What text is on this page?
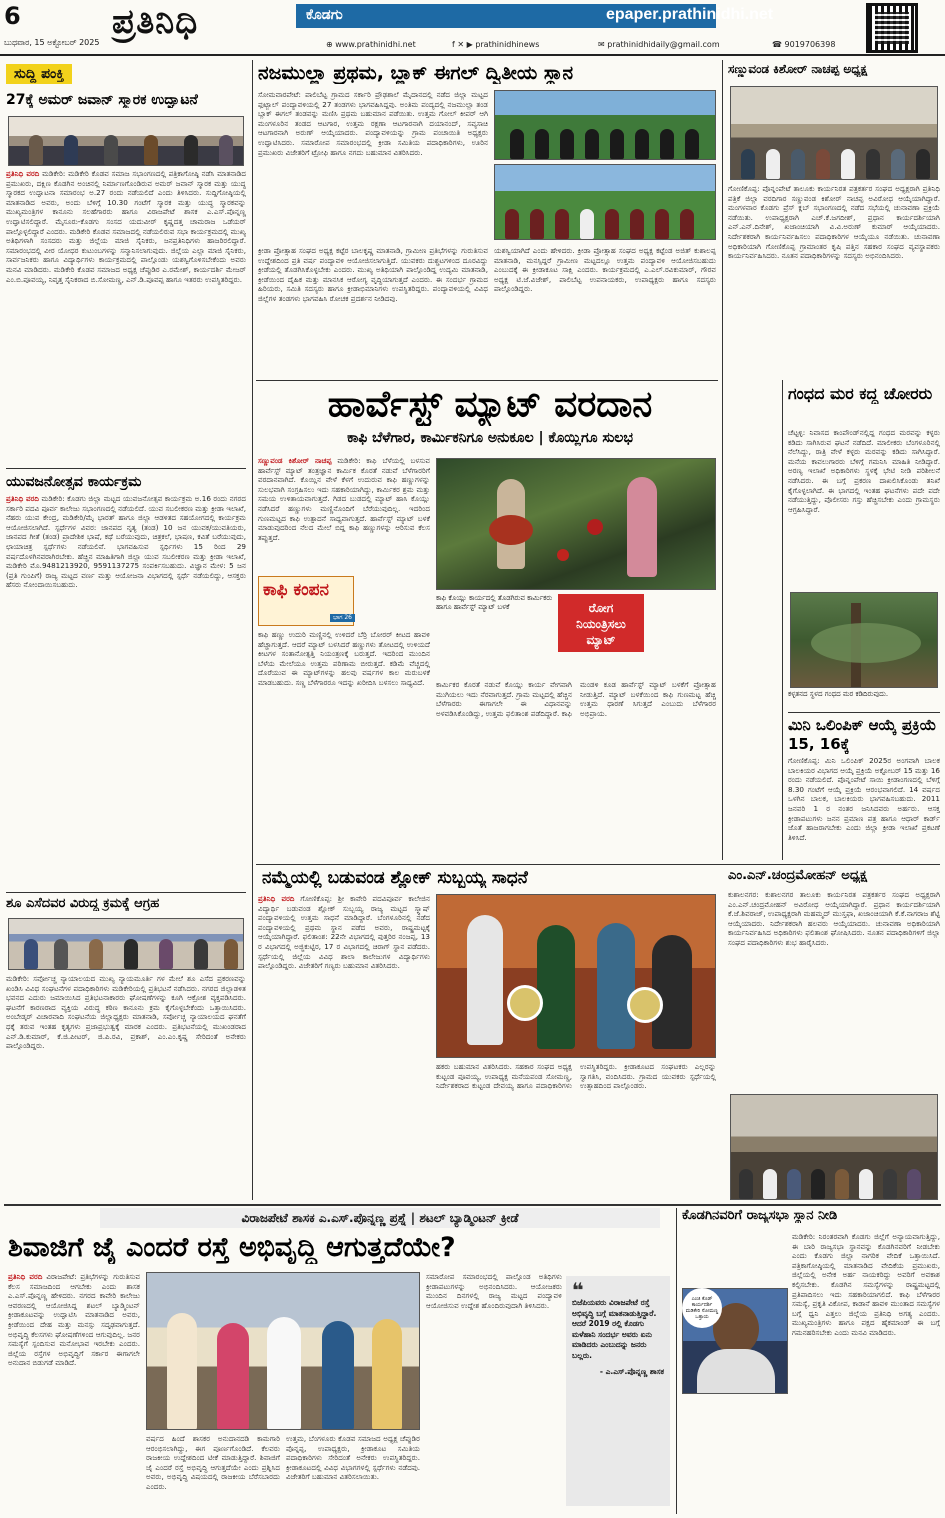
6
ಬುಧವಾರ, 15 ಅಕ್ಟೋಬರ್ 2025
ಪ್ರತಿನಿಧಿ	ಕೊಡಗು	epaper.prathinidhi.net
⊕ www.prathinidhi.net	f ✕ ▶ prathinidhinews	✉ prathinidhidaily@gmail.com	☎ 9019706398
ಸುದ್ದಿ ಪಂಕ್ತಿ
27ಕ್ಕೆ ಅಮರ್ ಜವಾನ್ ಸ್ಮಾರಕ ಉದ್ಘಾಟನೆ
ಪ್ರತಿನಿಧಿ ವರದಿ ಮಡಿಕೇರಿ: ಮಡಿಕೇರಿ ಕೊಡವ ಸಮಾಜ ಸಭಾಂಗಣದಲ್ಲಿ ಪತ್ರಿಕಾಗೋಷ್ಠಿ ನಡೆಸಿ ಮಾತನಾಡಿದ ಪ್ರಮುಖರು, ದಕ್ಷಿಣ ಕೊಡಗಿನ ಅಂಚಿನಲ್ಲಿ ನಿರ್ಮಾಣಗೊಂಡಿರುವ ಅಮರ್ ಜವಾನ್ ಸ್ಮಾರಕ ಮತ್ತು ಯುದ್ಧ ಸ್ಮಾರಕದ ಉದ್ಘಾಟನಾ ಸಮಾರಂಭ ಅ.27 ರಂದು ನಡೆಯಲಿದೆ ಎಂದು ತಿಳಿಸಿದರು. ಸುದ್ದಿಗೋಷ್ಠಿಯಲ್ಲಿ ಮಾತನಾಡಿದ ಅವರು, ಅಂದು ಬೆಳಿಗ್ಗೆ 10.30 ಗಂಟೆಗೆ ಸ್ಮಾರಕ ಮತ್ತು ಯುದ್ಧ ಸ್ಮಾರಕವನ್ನು ಮುಖ್ಯಮಂತ್ರಿಗಳ ಕಾನೂನು ಸಲಹೆಗಾರರು ಹಾಗೂ ವಿರಾಜಪೇಟೆ ಶಾಸಕ ಎ.ಎಸ್.ಪೊನ್ನಣ್ಣ ಉದ್ಘಾಟಿಸಲಿದ್ದಾರೆ. ಮೈಸೂರು-ಕೊಡಗು ಸಂಸದ ಯದುವೀರ್ ಕೃಷ್ಣದತ್ತ ಚಾಮರಾಜ ಒಡೆಯರ್ ಪಾಲ್ಗೊಳ್ಳಲಿದ್ದಾರೆ ಎಂದರು. ಮಡಿಕೇರಿ ಕೊಡವ ಸಮಾಜದಲ್ಲಿ ನಡೆಯಲಿರುವ ಸಭಾ ಕಾರ್ಯಕ್ರಮದಲ್ಲಿ ಮುಖ್ಯ ಅತಿಥಿಗಳಾಗಿ ಸಂಸದರು ಮತ್ತು ಜಿಲ್ಲೆಯ ಮಾಜಿ ಸೈನಿಕರು, ಜನಪ್ರತಿನಿಧಿಗಳು ಹಾಜರಿರಲಿದ್ದಾರೆ. ಸಮಾರಂಭದಲ್ಲಿ ವೀರ ಯೋಧರ ಕುಟುಂಬಗಳನ್ನು ಸನ್ಮಾನಿಸಲಾಗುವುದು. ಜಿಲ್ಲೆಯ ಎಲ್ಲಾ ಮಾಜಿ ಸೈನಿಕರು, ಸಾರ್ವಜನಿಕರು ಹಾಗೂ ವಿದ್ಯಾರ್ಥಿಗಳು ಕಾರ್ಯಕ್ರಮದಲ್ಲಿ ಪಾಲ್ಗೊಂಡು ಯಶಸ್ವಿಗೊಳಿಸಬೇಕೆಂದು ಅವರು ಮನವಿ ಮಾಡಿದರು. ಮಡಿಕೇರಿ ಕೊಡವ ಸಮಾಜದ ಅಧ್ಯಕ್ಷ ಚೆಪ್ಪುಡಿರ ಎ.ರಮೇಶ್, ಕಾರ್ಯದರ್ಶಿ ಮೇಜರ್ ಎಂ.ಬಿ.ಪೂವಯ್ಯ, ನಿವೃತ್ತ ಸೈನಿಕರಾದ ಬಿ.ಸೋಮಣ್ಣ, ಎನ್.ಡಿ.ಪೂವಪ್ಪ ಹಾಗೂ ಇತರರು ಉಪಸ್ಥಿತರಿದ್ದರು.
ಯುವಜನೋತ್ಸವ ಕಾರ್ಯಕ್ರಮ
ಪ್ರತಿನಿಧಿ ವರದಿ ಮಡಿಕೇರಿ: ಕೊಡಗು ಜಿಲ್ಲಾ ಮಟ್ಟದ ಯುವಜನೋತ್ಸವ ಕಾರ್ಯಕ್ರಮ ಅ.16 ರಂದು ನಗರದ ಸರ್ಕಾರಿ ಪದವಿ ಪೂರ್ವ ಕಾಲೇಜು ಸಭಾಂಗಣದಲ್ಲಿ ನಡೆಯಲಿದೆ. ಯುವ ಸಬಲೀಕರಣ ಮತ್ತು ಕ್ರೀಡಾ ಇಲಾಖೆ, ನೆಹರು ಯುವ ಕೇಂದ್ರ, ಮಡಿಕೇರಿ/ಮೈ ಭಾರತ್ ಹಾಗೂ ಜಿಲ್ಲಾ ಆಡಳಿತದ ಸಹಯೋಗದಲ್ಲಿ ಕಾರ್ಯಕ್ರಮ ಆಯೋಜಿಸಲಾಗಿದೆ. ಸ್ಪರ್ಧೆಗಳ ವಿವರ: ಜಾನಪದ ನೃತ್ಯ (ತಂಡ) 10 ಜನ ಯುವಕ/ಯುವತಿಯರು, ಜಾನಪದ ಗೀತೆ (ತಂಡ) ಪ್ರಾದೇಶಿಕ ಭಾಷೆ, ಕಥೆ ಬರೆಯುವುದು, ಚಿತ್ರಕಲೆ, ಭಾಷಣ, ಕವಿತೆ ಬರೆಯುವುದು, ಛಾಯಾಚಿತ್ರ ಸ್ಪರ್ಧೆಗಳು ನಡೆಯಲಿವೆ. ಭಾಗವಹಿಸುವ ಸ್ಪರ್ಧಿಗಳು 15 ರಿಂದ 29 ವರ್ಷದೊಳಗಿನವರಾಗಿರಬೇಕು. ಹೆಚ್ಚಿನ ಮಾಹಿತಿಗಾಗಿ ಜಿಲ್ಲಾ ಯುವ ಸಬಲೀಕರಣ ಮತ್ತು ಕ್ರೀಡಾ ಇಲಾಖೆ, ಮಡಿಕೇರಿ ಮೊ.9481213920, 9591137275 ಸಂಪರ್ಕಿಸಬಹುದು. ವಿಜ್ಞಾನ ಮೇಳ: 5 ಜನ (ಪ್ರತಿ ಗುಂಪಿಗೆ) ರಾಜ್ಯ ಮಟ್ಟದ ವರ್ಣ ಮತ್ತು ಆಯೋಜನಾ ವಿಭಾಗದಲ್ಲಿ ಸ್ಪರ್ಧೆ ನಡೆಯಲಿದ್ದು, ಆಸಕ್ತರು ಹೆಸರು ನೋಂದಾಯಿಸಬಹುದು.
ಶೂ ಎಸೆದವರ ವಿರುದ್ಧ ಕ್ರಮಕ್ಕೆ ಆಗ್ರಹ
ಮಡಿಕೇರಿ: ಸರ್ವೋಚ್ಚ ನ್ಯಾಯಾಲಯದ ಮುಖ್ಯ ನ್ಯಾಯಮೂರ್ತಿ ಗಳ ಮೇಲೆ ಶೂ ಎಸೆದ ಪ್ರಕರಣವನ್ನು ಖಂಡಿಸಿ ವಿವಿಧ ಸಂಘಟನೆಗಳ ಪದಾಧಿಕಾರಿಗಳು ಮಡಿಕೇರಿಯಲ್ಲಿ ಪ್ರತಿಭಟನೆ ನಡೆಸಿದರು. ನಗರದ ಜಿಲ್ಲಾಡಳಿತ ಭವನದ ಎದುರು ಜಮಾಯಿಸಿದ ಪ್ರತಿಭಟನಾಕಾರರು ಘೋಷಣೆಗಳನ್ನು ಕೂಗಿ ಆಕ್ರೋಶ ವ್ಯಕ್ತಪಡಿಸಿದರು. ಘಟನೆಗೆ ಕಾರಣರಾದ ವ್ಯಕ್ತಿಯ ವಿರುದ್ಧ ಕಠಿಣ ಕಾನೂನು ಕ್ರಮ ಕೈಗೊಳ್ಳಬೇಕೆಂದು ಒತ್ತಾಯಿಸಿದರು. ಅಂಬೇಡ್ಕರ್ ವಿಚಾರವಾದಿ ಸಂಘಟನೆಯ ಜಿಲ್ಲಾಧ್ಯಕ್ಷರು ಮಾತನಾಡಿ, ಸರ್ವೋಚ್ಚ ನ್ಯಾಯಾಲಯದ ಘನತೆಗೆ ಧಕ್ಕೆ ತರುವ ಇಂತಹ ಕೃತ್ಯಗಳು ಪ್ರಜಾಪ್ರಭುತ್ವಕ್ಕೆ ಮಾರಕ ಎಂದರು. ಪ್ರತಿಭಟನೆಯಲ್ಲಿ ಮುಖಂಡರಾದ ಎನ್.ಡಿ.ಕುಮಾರ್, ಕೆ.ಜಿ.ಪೀಟರ್, ಜಿ.ಪಿ.ರವಿ, ಪ್ರಕಾಶ್, ಎಂ.ಎಂ.ಕೃಷ್ಣ ಸೇರಿದಂತೆ ಅನೇಕರು ಪಾಲ್ಗೊಂಡಿದ್ದರು.
ನಜಮುಲ್ಲಾ ಪ್ರಥಮ, ಬ್ಲಾಕ್ ಈಗಲ್ ದ್ವಿತೀಯ ಸ್ಥಾನ
ಸೋಮವಾರಪೇಟೆ: ಪಾಲಿಬೆಟ್ಟ ಗ್ರಾಮದ ಸರ್ಕಾರಿ ಪ್ರೌಢಶಾಲೆ ಮೈದಾನದಲ್ಲಿ ನಡೆದ ಜಿಲ್ಲಾ ಮಟ್ಟದ ಫುಟ್ಬಾಲ್ ಪಂದ್ಯಾವಳಿಯಲ್ಲಿ 27 ತಂಡಗಳು ಭಾಗವಹಿಸಿದ್ದವು. ಅಂತಿಮ ಪಂದ್ಯದಲ್ಲಿ ನಜಮುಲ್ಲಾ ತಂಡ ಬ್ಲಾಕ್ ಈಗಲ್ ತಂಡವನ್ನು ಮಣಿಸಿ ಪ್ರಥಮ ಬಹುಮಾನ ಪಡೆಯಿತು. ಉತ್ತಮ ಗೋಲ್ ಕೀಪರ್ ಆಗಿ ಮಂಗಳೂರಿನ ತಂಡದ ಆಟಗಾರ, ಉತ್ತಮ ರಕ್ಷಣಾ ಆಟಗಾರನಾಗಿ ದಯಾನಂದ್, ಸವ್ಯಸಾಚಿ ಆಟಗಾರನಾಗಿ ಅರುಣ್ ಆಯ್ಕೆಯಾದರು. ಪಂದ್ಯಾವಳಿಯನ್ನು ಗ್ರಾಮ ಪಂಚಾಯಿತಿ ಅಧ್ಯಕ್ಷರು ಉದ್ಘಾಟಿಸಿದರು. ಸಮಾರೋಪ ಸಮಾರಂಭದಲ್ಲಿ ಕ್ರೀಡಾ ಸಮಿತಿಯ ಪದಾಧಿಕಾರಿಗಳು, ಊರಿನ ಪ್ರಮುಖರು ವಿಜೇತರಿಗೆ ಟ್ರೋಫಿ ಹಾಗೂ ನಗದು ಬಹುಮಾನ ವಿತರಿಸಿದರು.
ಕ್ರೀಡಾ ಪ್ರೋತ್ಸಾಹ ಸಂಘದ ಅಧ್ಯಕ್ಷ ಕಟ್ಟೆರ ಬಾಲಕೃಷ್ಣ ಮಾತನಾಡಿ, ಗ್ರಾಮೀಣ ಪ್ರತಿಭೆಗಳನ್ನು ಗುರುತಿಸುವ ಉದ್ದೇಶದಿಂದ ಪ್ರತಿ ವರ್ಷ ಪಂದ್ಯಾವಳಿ ಆಯೋಜಿಸಲಾಗುತ್ತಿದೆ. ಯುವಕರು ದುಶ್ಚಟಗಳಿಂದ ದೂರವಿದ್ದು ಕ್ರೀಡೆಯಲ್ಲಿ ತೊಡಗಿಸಿಕೊಳ್ಳಬೇಕು ಎಂದರು. ಮುಖ್ಯ ಅತಿಥಿಯಾಗಿ ಪಾಲ್ಗೊಂಡಿದ್ದ ಉದ್ಯಮಿ ಮಾತನಾಡಿ, ಕ್ರೀಡೆಯಿಂದ ದೈಹಿಕ ಮತ್ತು ಮಾನಸಿಕ ಆರೋಗ್ಯ ವೃದ್ಧಿಯಾಗುತ್ತದೆ ಎಂದರು. ಈ ಸಂದರ್ಭ ಗ್ರಾಮದ ಹಿರಿಯರು, ಸಮಿತಿ ಸದಸ್ಯರು ಹಾಗೂ ಕ್ರೀಡಾಭಿಮಾನಿಗಳು ಉಪಸ್ಥಿತರಿದ್ದರು. ಪಂದ್ಯಾವಳಿಯಲ್ಲಿ ವಿವಿಧ ಜಿಲ್ಲೆಗಳ ತಂಡಗಳು ಭಾಗವಹಿಸಿ ರೋಚಕ ಪ್ರದರ್ಶನ ನೀಡಿದವು.
ಯಶಸ್ವಿಯಾಗಿದೆ ಎಂದು ಹೇಳಿದರು. ಕ್ರೀಡಾ ಪ್ರೋತ್ಸಾಹ ಸಂಘದ ಅಧ್ಯಕ್ಷ ಕಟ್ಟೆಂಡ ಅಜಿತ್ ಕುಶಾಲಪ್ಪ ಮಾತನಾಡಿ, ಮನಸ್ಸಿದ್ದರೆ ಗ್ರಾಮೀಣ ಮಟ್ಟದಲ್ಲೂ ಉತ್ತಮ ಪಂದ್ಯಾವಳಿ ಆಯೋಜಿಸಬಹುದು ಎಂಬುದಕ್ಕೆ ಈ ಕ್ರೀಡಾಕೂಟ ಸಾಕ್ಷಿ ಎಂದರು. ಕಾರ್ಯಕ್ರಮದಲ್ಲಿ ಎ.ಎಲ್.ರವಿಕುಮಾರ್, ಗೌರವ ಅಧ್ಯಕ್ಷ ಟಿ.ಜೆ.ವಿಜೇಶ್, ಪಾಲಿಬೆಟ್ಟ ಉಪನಾಯಕರು, ಉಪಾಧ್ಯಕ್ಷರು ಹಾಗೂ ಸದಸ್ಯರು ಪಾಲ್ಗೊಂಡಿದ್ದರು.
ಸಣ್ಣುವಂಡ ಕಿಶೋರ್ ನಾಚಪ್ಪ ಅಧ್ಯಕ್ಷ
ಗೋಣಿಕೊಪ್ಪ: ಪೊನ್ನಂಪೇಟೆ ತಾಲೂಕು ಕಾರ್ಯನಿರತ ಪತ್ರಕರ್ತರ ಸಂಘದ ಅಧ್ಯಕ್ಷರಾಗಿ ಪ್ರತಿನಿಧಿ ಪತ್ರಿಕೆ ಜಿಲ್ಲಾ ವರದಿಗಾರ ಸಣ್ಣುವಂಡ ಕಿಶೋರ್ ನಾಚಪ್ಪ ಅವಿರೋಧ ಆಯ್ಕೆಯಾಗಿದ್ದಾರೆ. ಮಂಗಳವಾರ ಕೊಡಗು ಪ್ರೆಸ್ ಕ್ಲಬ್ ಸಭಾಂಗಣದಲ್ಲಿ ನಡೆದ ಸಭೆಯಲ್ಲಿ ಚುನಾವಣಾ ಪ್ರಕ್ರಿಯೆ ನಡೆಯಿತು. ಉಪಾಧ್ಯಕ್ಷರಾಗಿ ಎಚ್.ಕೆ.ಜಗದೀಶ್, ಪ್ರಧಾನ ಕಾರ್ಯದರ್ಶಿಯಾಗಿ ಎನ್.ಎನ್.ದಿನೇಶ್, ಖಜಾಂಚಿಯಾಗಿ ವಿ.ವಿ.ಅರುಣ್ ಕುಮಾರ್ ಆಯ್ಕೆಯಾದರು. ನಿರ್ದೇಶಕರಾಗಿ ಕಾರ್ಯನಿರ್ವಹಿಸಲು ಪದಾಧಿಕಾರಿಗಳ ಆಯ್ಕೆಯೂ ನಡೆಯಿತು. ಚುನಾವಣಾ ಅಧಿಕಾರಿಯಾಗಿ ಗೋಣಿಕೊಪ್ಪ ಗ್ರಾಮಾಂತರ ಕೃಷಿ ಪತ್ತಿನ ಸಹಕಾರ ಸಂಘದ ವ್ಯವಸ್ಥಾಪಕರು ಕಾರ್ಯನಿರ್ವಹಿಸಿದರು. ನೂತನ ಪದಾಧಿಕಾರಿಗಳನ್ನು ಸದಸ್ಯರು ಅಭಿನಂದಿಸಿದರು.
ಹಾರ್ವೆಸ್ಟ್ ಮ್ಯಾಟ್ ವರದಾನ
ಕಾಫಿ ಬೆಳೆಗಾರ, ಕಾರ್ಮಿಕನಿಗೂ ಅನುಕೂಲ | ಕೊಯ್ಲಿಗೂ ಸುಲಭ
ಸಣ್ಣುವಂಡ ಕಿಶೋರ್ ನಾಚಪ್ಪ ಮಡಿಕೇರಿ: ಕಾಫಿ ಬೆಳೆಯಲ್ಲಿ ಬಳಸುವ ಹಾರ್ವೆಸ್ಟ್ ಮ್ಯಾಟ್ ತಂತ್ರಜ್ಞಾನ ಕಾರ್ಮಿಕ ಕೊರತೆ ನಡುವೆ ಬೆಳೆಗಾರರಿಗೆ ವರದಾನವಾಗಿದೆ. ಕೊಯ್ಲಿನ ವೇಳೆ ಕೆಳಗೆ ಉದುರುವ ಕಾಫಿ ಹಣ್ಣುಗಳನ್ನು ಸುಲಭವಾಗಿ ಸಂಗ್ರಹಿಸಲು ಇದು ಸಹಕಾರಿಯಾಗಿದ್ದು, ಕಾರ್ಮಿಕರ ಶ್ರಮ ಮತ್ತು ಸಮಯ ಉಳಿತಾಯವಾಗುತ್ತದೆ. ಗಿಡದ ಬುಡದಲ್ಲಿ ಮ್ಯಾಟ್ ಹಾಸಿ ಕೊಯ್ಲು ನಡೆಸಿದರೆ ಹಣ್ಣುಗಳು ಮಣ್ಣಿನೊಂದಿಗೆ ಬೆರೆಯುವುದಿಲ್ಲ. ಇದರಿಂದ ಗುಣಮಟ್ಟದ ಕಾಫಿ ಉತ್ಪಾದನೆ ಸಾಧ್ಯವಾಗುತ್ತದೆ. ಹಾರ್ವೆಸ್ಟ್ ಮ್ಯಾಟ್ ಬಳಕೆ ಮಾಡುವುದರಿಂದ ನೆಲದ ಮೇಲೆ ಬಿದ್ದ ಕಾಫಿ ಹಣ್ಣುಗಳನ್ನು ಆರಿಸುವ ಕೆಲಸ ತಪ್ಪುತ್ತದೆ.
ಕಾಫಿ ಕಂಪನ
ಭಾಗ 26
ಕಾಫಿ ಹಣ್ಣು ಉದುರಿ ಮಣ್ಣಿನಲ್ಲಿ ಉಳಿದರೆ ಬೆರ್ರಿ ಬೋರರ್ ಕೀಟದ ಹಾವಳಿ ಹೆಚ್ಚಾಗುತ್ತದೆ. ಆದರೆ ಮ್ಯಾಟ್ ಬಳಸಿದರೆ ಹಣ್ಣುಗಳು ತೋಟದಲ್ಲಿ ಉಳಿಯದೆ ಕೀಟಗಳ ಸಂತಾನೋತ್ಪತ್ತಿ ನಿಯಂತ್ರಣಕ್ಕೆ ಬರುತ್ತದೆ. ಇದರಿಂದ ಮುಂದಿನ ಬೆಳೆಯ ಮೇಲೆಯೂ ಉತ್ತಮ ಪರಿಣಾಮ ಬೀರುತ್ತದೆ. ಕಡಿಮೆ ವೆಚ್ಚದಲ್ಲಿ ದೊರೆಯುವ ಈ ಮ್ಯಾಟ್‌ಗಳನ್ನು ಹಲವು ವರ್ಷಗಳ ಕಾಲ ಮರುಬಳಕೆ ಮಾಡಬಹುದು. ಸಣ್ಣ ಬೆಳೆಗಾರರೂ ಇದನ್ನು ಖರೀದಿಸಿ ಬಳಸಲು ಸಾಧ್ಯವಿದೆ.
ಕಾಫಿ ಕೊಯ್ಲು ಕಾರ್ಯದಲ್ಲಿ ತೊಡಗಿರುವ ಕಾರ್ಮಿಕರು ಹಾಗೂ ಹಾರ್ವೆಸ್ಟ್ ಮ್ಯಾಟ್ ಬಳಕೆ	ರೋಗ ನಿಯಂತ್ರಿಸಲು ಮ್ಯಾಟ್
ಕಾರ್ಮಿಕರ ಕೊರತೆ ನಡುವೆ ಕೊಯ್ಲು ಕಾರ್ಯ ವೇಗವಾಗಿ ಮುಗಿಯಲು ಇದು ನೆರವಾಗುತ್ತದೆ. ಗ್ರಾಮ ಮಟ್ಟದಲ್ಲಿ ಹೆಚ್ಚಿನ ಬೆಳೆಗಾರರು ಈಗಾಗಲೇ ಈ ವಿಧಾನವನ್ನು ಅಳವಡಿಸಿಕೊಂಡಿದ್ದು, ಉತ್ತಮ ಫಲಿತಾಂಶ ಪಡೆದಿದ್ದಾರೆ. ಕಾಫಿ ಮಂಡಳಿ ಕೂಡ ಹಾರ್ವೆಸ್ಟ್ ಮ್ಯಾಟ್ ಬಳಕೆಗೆ ಪ್ರೋತ್ಸಾಹ ನೀಡುತ್ತಿದೆ. ಮ್ಯಾಟ್ ಬಳಕೆಯಿಂದ ಕಾಫಿ ಗುಣಮಟ್ಟ ಹೆಚ್ಚಿ ಉತ್ತಮ ಧಾರಣೆ ಸಿಗುತ್ತದೆ ಎಂಬುದು ಬೆಳೆಗಾರರ ಅಭಿಪ್ರಾಯ.
ಗಂಧದ ಮರ ಕದ್ದ ಚೋರರು
ಚೆಟ್ಟಳ್ಳಿ: ನಿವಾಸದ ಕಾಂಪೌಂಡ್‌ನಲ್ಲಿದ್ದ ಗಂಧದ ಮರವನ್ನು ಕಳ್ಳರು ಕಡಿದು ಸಾಗಿಸಿರುವ ಘಟನೆ ನಡೆದಿದೆ. ಮಾಲೀಕರು ಬೆಂಗಳೂರಿನಲ್ಲಿ ನೆಲೆಸಿದ್ದು, ರಾತ್ರಿ ವೇಳೆ ಕಳ್ಳರು ಮರವನ್ನು ಕಡಿದು ಸಾಗಿಸಿದ್ದಾರೆ. ಮನೆಯ ಕಾವಲುಗಾರರು ಬೆಳಿಗ್ಗೆ ಗಮನಿಸಿ ಮಾಹಿತಿ ನೀಡಿದ್ದಾರೆ. ಅರಣ್ಯ ಇಲಾಖೆ ಅಧಿಕಾರಿಗಳು ಸ್ಥಳಕ್ಕೆ ಭೇಟಿ ನೀಡಿ ಪರಿಶೀಲನೆ ನಡೆಸಿದರು. ಈ ಬಗ್ಗೆ ಪ್ರಕರಣ ದಾಖಲಿಸಿಕೊಂಡು ತನಿಖೆ ಕೈಗೊಳ್ಳಲಾಗಿದೆ. ಈ ಭಾಗದಲ್ಲಿ ಇಂತಹ ಘಟನೆಗಳು ಪದೇ ಪದೇ ನಡೆಯುತ್ತಿದ್ದು, ಪೊಲೀಸರು ಗಸ್ತು ಹೆಚ್ಚಿಸಬೇಕು ಎಂದು ಗ್ರಾಮಸ್ಥರು ಆಗ್ರಹಿಸಿದ್ದಾರೆ.
ಕಳ್ಳತನದ ಸ್ಥಳದ ಗಂಧದ ಮರ ಕಡಿದಿರುವುದು.
ಮಿನಿ ಒಲಿಂಪಿಕ್ ಆಯ್ಕೆ ಪ್ರಕ್ರಿಯೆ 15, 16ಕ್ಕೆ
ಗೋಣಿಕೊಪ್ಪ: ಮಿನಿ ಒಲಿಂಪಿಕ್ 2025ರ ಅಂಗವಾಗಿ ಬಾಲಕ ಬಾಲಕಿಯರ ವಿಭಾಗದ ಆಯ್ಕೆ ಪ್ರಕ್ರಿಯೆ ಅಕ್ಟೋಬರ್ 15 ಮತ್ತು 16 ರಂದು ನಡೆಯಲಿದೆ. ಪೊನ್ನಂಪೇಟೆ ಸಾಯಿ ಕ್ರೀಡಾಂಗಣದಲ್ಲಿ ಬೆಳಿಗ್ಗೆ 8.30 ಗಂಟೆಗೆ ಆಯ್ಕೆ ಪ್ರಕ್ರಿಯೆ ಆರಂಭವಾಗಲಿದೆ. 14 ವರ್ಷದ ಒಳಗಿನ ಬಾಲಕ, ಬಾಲಕಿಯರು ಭಾಗವಹಿಸಬಹುದು. 2011 ಜನವರಿ 1 ರ ನಂತರ ಜನಿಸಿದವರು ಅರ್ಹರು. ಆಸಕ್ತ ಕ್ರೀಡಾಪಟುಗಳು ಜನನ ಪ್ರಮಾಣ ಪತ್ರ ಹಾಗೂ ಆಧಾರ್ ಕಾರ್ಡ್ ಜೊತೆ ಹಾಜರಾಗಬೇಕು ಎಂದು ಜಿಲ್ಲಾ ಕ್ರೀಡಾ ಇಲಾಖೆ ಪ್ರಕಟಣೆ ತಿಳಿಸಿದೆ.
ನಮ್ಮೆಯಲ್ಲಿ ಬಡುವಂಡ ಶ್ಲೋಕ್ ಸುಬ್ಬಯ್ಯ ಸಾಧನೆ
ಪ್ರತಿನಿಧಿ ವರದಿ ಗೋಣಿಕೊಪ್ಪ: ಶ್ರೀ ಕಾವೇರಿ ಪದವಿಪೂರ್ವ ಕಾಲೇಜಿನ ವಿದ್ಯಾರ್ಥಿ ಬಡುವಂಡ ಶ್ಲೋಕ್ ಸುಬ್ಬಯ್ಯ ರಾಜ್ಯ ಮಟ್ಟದ ಸ್ಕ್ವಾಷ್ ಪಂದ್ಯಾವಳಿಯಲ್ಲಿ ಉತ್ತಮ ಸಾಧನೆ ಮಾಡಿದ್ದಾರೆ. ಬೆಂಗಳೂರಿನಲ್ಲಿ ನಡೆದ ಪಂದ್ಯಾವಳಿಯಲ್ಲಿ ಪ್ರಥಮ ಸ್ಥಾನ ಪಡೆದ ಅವರು, ರಾಷ್ಟ್ರಮಟ್ಟಕ್ಕೆ ಆಯ್ಕೆಯಾಗಿದ್ದಾರೆ. ಫಲಿತಾಂಶ: 22ನೇ ವಿಭಾಗದಲ್ಲಿ ಪುತ್ತರಿರ ನಂಜಪ್ಪ, 13 ರ ವಿಭಾಗದಲ್ಲಿ ಅಜ್ಜಿಕುಟ್ಟಿರ, 17 ರ ವಿಭಾಗದಲ್ಲಿ ಚಿರಾಗ್ ಸ್ಥಾನ ಪಡೆದರು. ಸ್ಪರ್ಧೆಯಲ್ಲಿ ಜಿಲ್ಲೆಯ ವಿವಿಧ ಶಾಲಾ ಕಾಲೇಜುಗಳ ವಿದ್ಯಾರ್ಥಿಗಳು ಪಾಲ್ಗೊಂಡಿದ್ದರು. ವಿಜೇತರಿಗೆ ಗಣ್ಯರು ಬಹುಮಾನ ವಿತರಿಸಿದರು.
ಹಕರು ಬಹುಮಾನ ವಿತರಿಸಿದರು. ಸಹಕಾರ ಸಂಘದ ಅಧ್ಯಕ್ಷ ಕುಟ್ಟಂಡ ಪೂವಯ್ಯ, ಉಪಾಧ್ಯಕ್ಷ ಮನೆಯಪಂಡ ಸೋಮಣ್ಣ, ನಿರ್ದೇಶಕರಾದ ಕುಟ್ಟಂಡ ದೇವಯ್ಯ ಹಾಗೂ ಪದಾಧಿಕಾರಿಗಳು ಉಪಸ್ಥಿತರಿದ್ದರು. ಕ್ರೀಡಾಕೂಟದ ಸಂಘಟಕರು ಎಲ್ಲರನ್ನು ಸ್ವಾಗತಿಸಿ, ವಂದಿಸಿದರು. ಗ್ರಾಮದ ಯುವಕರು ಸ್ಪರ್ಧೆಯಲ್ಲಿ ಉತ್ಸಾಹದಿಂದ ಪಾಲ್ಗೊಂಡರು.
ಎಂ.ಎನ್.ಚಂದ್ರಮೋಹನ್ ಅಧ್ಯಕ್ಷ
ಕುಶಾಲನಗರ: ಕುಶಾಲನಗರ ತಾಲೂಕು ಕಾರ್ಯನಿರತ ಪತ್ರಕರ್ತರ ಸಂಘದ ಅಧ್ಯಕ್ಷರಾಗಿ ಎಂ.ಎನ್.ಚಂದ್ರಮೋಹನ್ ಅವಿರೋಧ ಆಯ್ಕೆಯಾಗಿದ್ದಾರೆ. ಪ್ರಧಾನ ಕಾರ್ಯದರ್ಶಿಯಾಗಿ ಕೆ.ಜೆ.ಶಿವರಾಜ್, ಉಪಾಧ್ಯಕ್ಷರಾಗಿ ಮಹಮ್ಮದ್ ಮುಸ್ತಫಾ, ಖಜಾಂಚಿಯಾಗಿ ಕೆ.ಕೆ.ನಾಗರಾಜ ಶೆಟ್ಟಿ ಆಯ್ಕೆಯಾದರು. ನಿರ್ದೇಶಕರಾಗಿ ಹಲವರು ಆಯ್ಕೆಯಾದರು. ಚುನಾವಣಾ ಅಧಿಕಾರಿಯಾಗಿ ಕಾರ್ಯನಿರ್ವಹಿಸಿದ ಅಧಿಕಾರಿಗಳು ಫಲಿತಾಂಶ ಘೋಷಿಸಿದರು. ನೂತನ ಪದಾಧಿಕಾರಿಗಳಿಗೆ ಜಿಲ್ಲಾ ಸಂಘದ ಪದಾಧಿಕಾರಿಗಳು ಶುಭ ಹಾರೈಸಿದರು.
ವಿರಾಜಪೇಟೆ ಶಾಸಕ ಎ.ಎಸ್.ಪೊನ್ನಣ್ಣ ಪ್ರಶ್ನೆ | ಶಟಲ್ ಬ್ಯಾಡ್ಮಿಂಟನ್ ಕ್ರೀಡೆ
ಶಿವಾಜಿಗೆ ಜೈ ಎಂದರೆ ರಸ್ತೆ ಅಭಿವೃದ್ಧಿ ಆಗುತ್ತದೆಯೇ?
ಪ್ರತಿನಿಧಿ ವರದಿ ವಿರಾಜಪೇಟೆ: ಪ್ರತಿಭೆಗಳನ್ನು ಗುರುತಿಸುವ ಕೆಲಸ ಸಮಾಜದಿಂದ ಆಗಬೇಕು ಎಂದು ಶಾಸಕ ಎ.ಎಸ್.ಪೊನ್ನಣ್ಣ ಹೇಳಿದರು. ನಗರದ ಕಾವೇರಿ ಕಾಲೇಜು ಆವರಣದಲ್ಲಿ ಆಯೋಜಿಸಿದ್ದ ಶಟಲ್ ಬ್ಯಾಡ್ಮಿಂಟನ್ ಕ್ರೀಡಾಕೂಟವನ್ನು ಉದ್ಘಾಟಿಸಿ ಮಾತನಾಡಿದ ಅವರು, ಕ್ರೀಡೆಯಿಂದ ದೇಹ ಮತ್ತು ಮನಸ್ಸು ಸದೃಢವಾಗುತ್ತದೆ. ಅಭಿವೃದ್ಧಿ ಕೆಲಸಗಳು ಘೋಷಣೆಗಳಿಂದ ಆಗುವುದಿಲ್ಲ. ಜನರ ಸಮಸ್ಯೆಗೆ ಸ್ಪಂದಿಸುವ ಮನೋಭಾವ ಇರಬೇಕು ಎಂದರು. ಜಿಲ್ಲೆಯ ರಸ್ತೆಗಳ ಅಭಿವೃದ್ಧಿಗೆ ಸರ್ಕಾರ ಈಗಾಗಲೇ ಅನುದಾನ ಬಿಡುಗಡೆ ಮಾಡಿದೆ.
ವರ್ಷದ ಹಿಂದೆ ಶಾಸಕರ ಅನುದಾನದಡಿ ಕಾಮಗಾರಿ ಆರಂಭಿಸಲಾಗಿದ್ದು, ಈಗ ಪೂರ್ಣಗೊಂಡಿದೆ. ಕೆಲವರು ರಾಜಕೀಯ ಉದ್ದೇಶದಿಂದ ಟೀಕೆ ಮಾಡುತ್ತಿದ್ದಾರೆ. ಶಿವಾಜಿಗೆ ಜೈ ಎಂದರೆ ರಸ್ತೆ ಅಭಿವೃದ್ಧಿ ಆಗುತ್ತದೆಯೇ ಎಂದು ಪ್ರಶ್ನಿಸಿದ ಅವರು, ಅಭಿವೃದ್ಧಿ ವಿಷಯದಲ್ಲಿ ರಾಜಕೀಯ ಬೆರೆಸಬಾರದು ಎಂದರು.
ಉತ್ತಮ, ಬೆಂಗಳೂರು ಕೊಡವ ಸಮಾಜದ ಅಧ್ಯಕ್ಷ ಚೆಪ್ಪುಡಿರ ಪೊನ್ನಪ್ಪ, ಉಪಾಧ್ಯಕ್ಷರು, ಕ್ರೀಡಾಕೂಟ ಸಮಿತಿಯ ಪದಾಧಿಕಾರಿಗಳು ಸೇರಿದಂತೆ ಅನೇಕರು ಉಪಸ್ಥಿತರಿದ್ದರು. ಕ್ರೀಡಾಕೂಟದಲ್ಲಿ ವಿವಿಧ ವಿಭಾಗಗಳಲ್ಲಿ ಸ್ಪರ್ಧೆಗಳು ನಡೆದವು. ವಿಜೇತರಿಗೆ ಬಹುಮಾನ ವಿತರಿಸಲಾಯಿತು.
ಸಮಾರೋಪ ಸಮಾರಂಭದಲ್ಲಿ ಪಾಲ್ಗೊಂಡ ಅತಿಥಿಗಳು ಕ್ರೀಡಾಪಟುಗಳನ್ನು ಅಭಿನಂದಿಸಿದರು. ಆಯೋಜಕರು ಮುಂದಿನ ದಿನಗಳಲ್ಲಿ ರಾಜ್ಯ ಮಟ್ಟದ ಪಂದ್ಯಾವಳಿ ಆಯೋಜಿಸುವ ಉದ್ದೇಶ ಹೊಂದಿರುವುದಾಗಿ ತಿಳಿಸಿದರು.
❝
ಬಿಜೆಪಿಯವರು ವಿರಾಜಪೇಟೆ ರಸ್ತೆ ಅಭಿವೃದ್ಧಿ ಬಗ್ಗೆ ಮಾತನಾಡುತ್ತಿದ್ದಾರೆ. ಆದರೆ 2019 ರಲ್ಲಿ ಕೊಡಗು ಮಳೆಹಾನಿ ಸಂದರ್ಭ ಅವರು ಏನು ಮಾಡಿದರು ಎಂಬುದನ್ನು ಜನರು ಬಲ್ಲರು.
- ಎ.ಎಸ್.ಪೊನ್ನಣ್ಣ ಶಾಸಕ
ಕೊಡಗಿನವರಿಗೆ ರಾಜ್ಯಸಭಾ ಸ್ಥಾನ ನೀಡಿ
ಎಂಜಿ ಕೊಡ್ ಕಾರ್ಯದರ್ಶಿ ಮಡಿಕೇರಿ ಸೋಮಣ್ಣ ಒತ್ತಾಯ
ಮಡಿಕೇರಿ: ನಿರಂತರವಾಗಿ ಕೊಡಗು ಜಿಲ್ಲೆಗೆ ಅನ್ಯಾಯವಾಗುತ್ತಿದ್ದು, ಈ ಬಾರಿ ರಾಜ್ಯಸಭಾ ಸ್ಥಾನವನ್ನು ಕೊಡಗಿನವರಿಗೆ ನೀಡಬೇಕು ಎಂದು ಕೊಡಗು ಜಿಲ್ಲಾ ನಾಗರಿಕ ವೇದಿಕೆ ಒತ್ತಾಯಿಸಿದೆ. ಪತ್ರಿಕಾಗೋಷ್ಠಿಯಲ್ಲಿ ಮಾತನಾಡಿದ ವೇದಿಕೆಯ ಪ್ರಮುಖರು, ಜಿಲ್ಲೆಯಲ್ಲಿ ಅನೇಕ ಅರ್ಹ ನಾಯಕರಿದ್ದು ಅವರಿಗೆ ಅವಕಾಶ ಕಲ್ಪಿಸಬೇಕು. ಕೊಡಗಿನ ಸಮಸ್ಯೆಗಳನ್ನು ರಾಷ್ಟ್ರಮಟ್ಟದಲ್ಲಿ ಪ್ರತಿಪಾದಿಸಲು ಇದು ಸಹಕಾರಿಯಾಗಲಿದೆ. ಕಾಫಿ ಬೆಳೆಗಾರರ ಸಮಸ್ಯೆ, ಪ್ರಕೃತಿ ವಿಕೋಪ, ಕಾಡಾನೆ ಹಾವಳಿ ಮುಂತಾದ ಸಮಸ್ಯೆಗಳ ಬಗ್ಗೆ ಧ್ವನಿ ಎತ್ತಲು ಜಿಲ್ಲೆಯ ಪ್ರತಿನಿಧಿ ಅಗತ್ಯ ಎಂದರು. ಮುಖ್ಯಮಂತ್ರಿಗಳು ಹಾಗೂ ಪಕ್ಷದ ಹೈಕಮಾಂಡ್ ಈ ಬಗ್ಗೆ ಗಮನಹರಿಸಬೇಕು ಎಂದು ಮನವಿ ಮಾಡಿದರು.
